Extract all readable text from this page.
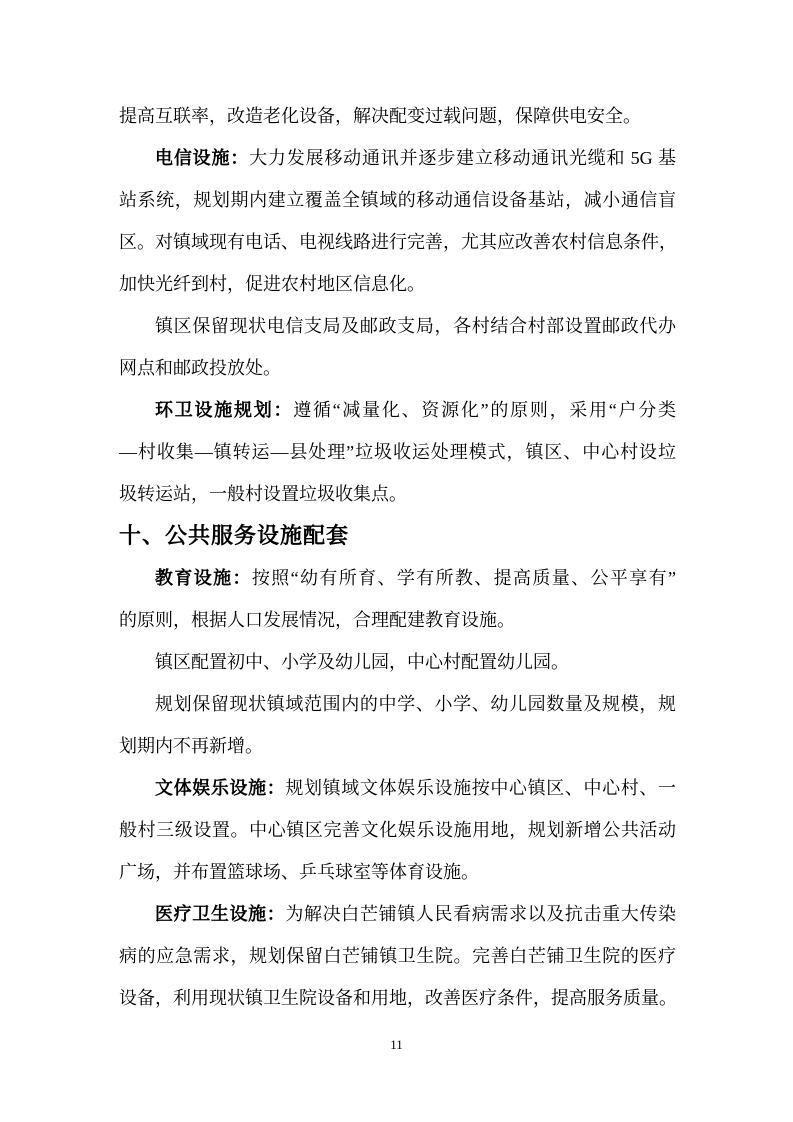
提高互联率，改造老化设备，解决配变过载问题，保障供电安全。
电信设施：大力发展移动通讯并逐步建立移动通讯光缆和 5G 基
站系统，规划期内建立覆盖全镇域的移动通信设备基站，减小通信盲
区。对镇域现有电话、电视线路进行完善，尤其应改善农村信息条件，
加快光纤到村，促进农村地区信息化。
镇区保留现状电信支局及邮政支局，各村结合村部设置邮政代办
网点和邮政投放处。
环卫设施规划：遵循“减量化、资源化”的原则，采用“户分类
—村收集—镇转运—县处理”垃圾收运处理模式，镇区、中心村设垃
圾转运站，一般村设置垃圾收集点。
十、公共服务设施配套
教育设施：按照“幼有所育、学有所教、提高质量、公平享有”
的原则，根据人口发展情况，合理配建教育设施。
镇区配置初中、小学及幼儿园，中心村配置幼儿园。
规划保留现状镇域范围内的中学、小学、幼儿园数量及规模，规
划期内不再新增。
文体娱乐设施：规划镇域文体娱乐设施按中心镇区、中心村、一
般村三级设置。中心镇区完善文化娱乐设施用地，规划新增公共活动
广场，并布置篮球场、乒乓球室等体育设施。
医疗卫生设施：为解决白芒铺镇人民看病需求以及抗击重大传染
病的应急需求，规划保留白芒铺镇卫生院。完善白芒铺卫生院的医疗
设备，利用现状镇卫生院设备和用地，改善医疗条件，提高服务质量。
11
